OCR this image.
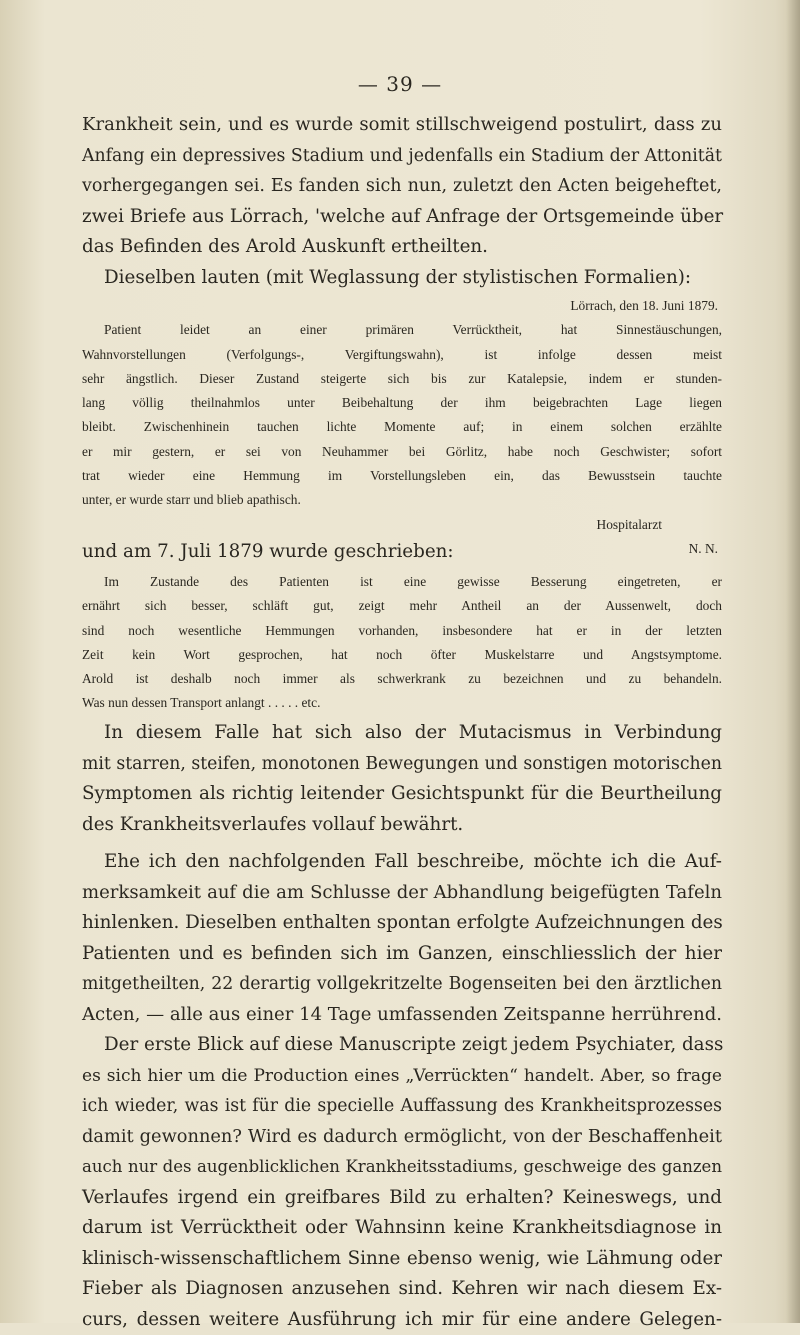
— 39 —
Krankheit sein, und es wurde somit stillschweigend postulirt, dass zu
Anfang ein depressives Stadium und jedenfalls ein Stadium der Attonität
vorhergegangen sei. Es fanden sich nun, zuletzt den Acten beigeheftet,
zwei Briefe aus Lörrach, 'welche auf Anfrage der Ortsgemeinde über
das Befinden des Arold Auskunft ertheilten.
Dieselben lauten (mit Weglassung der stylistischen Formalien):
Lörrach, den 18. Juni 1879.
Patient leidet an einer primären Verrücktheit, hat Sinnestäuschungen,
Wahnvorstellungen (Verfolgungs-, Vergiftungswahn), ist infolge dessen meist
sehr ängstlich. Dieser Zustand steigerte sich bis zur Katalepsie, indem er stunden-
lang völlig theilnahmlos unter Beibehaltung der ihm beigebrachten Lage liegen
bleibt. Zwischenhinein tauchen lichte Momente auf; in einem solchen erzählte
er mir gestern, er sei von Neuhammer bei Görlitz, habe noch Geschwister; sofort
trat wieder eine Hemmung im Vorstellungsleben ein, das Bewusstsein tauchte
unter, er wurde starr und blieb apathisch.
Hospitalarzt
N. N.
und am 7. Juli 1879 wurde geschrieben:
Im Zustande des Patienten ist eine gewisse Besserung eingetreten, er
ernährt sich besser, schläft gut, zeigt mehr Antheil an der Aussenwelt, doch
sind noch wesentliche Hemmungen vorhanden, insbesondere hat er in der letzten
Zeit kein Wort gesprochen, hat noch öfter Muskelstarre und Angstsymptome.
Arold ist deshalb noch immer als schwerkrank zu bezeichnen und zu behandeln.
Was nun dessen Transport anlangt . . . . . etc.
In diesem Falle hat sich also der Mutacismus in Verbindung
mit starren, steifen, monotonen Bewegungen und sonstigen motorischen
Symptomen als richtig leitender Gesichtspunkt für die Beurtheilung
des Krankheitsverlaufes vollauf bewährt.
Ehe ich den nachfolgenden Fall beschreibe, möchte ich die Auf-
merksamkeit auf die am Schlusse der Abhandlung beigefügten Tafeln
hinlenken. Dieselben enthalten spontan erfolgte Aufzeichnungen des
Patienten und es befinden sich im Ganzen, einschliesslich der hier
mitgetheilten, 22 derartig vollgekritzelte Bogenseiten bei den ärztlichen
Acten, — alle aus einer 14 Tage umfassenden Zeitspanne herrührend.
Der erste Blick auf diese Manuscripte zeigt jedem Psychiater, dass
es sich hier um die Production eines „Verrückten“ handelt. Aber, so frage
ich wieder, was ist für die specielle Auffassung des Krankheitsprozesses
damit gewonnen? Wird es dadurch ermöglicht, von der Beschaffenheit
auch nur des augenblicklichen Krankheitsstadiums, geschweige des ganzen
Verlaufes irgend ein greifbares Bild zu erhalten? Keineswegs, und
darum ist Verrücktheit oder Wahnsinn keine Krankheitsdiagnose in
klinisch-wissenschaftlichem Sinne ebenso wenig, wie Lähmung oder
Fieber als Diagnosen anzusehen sind. Kehren wir nach diesem Ex-
curs, dessen weitere Ausführung ich mir für eine andere Gelegen-
